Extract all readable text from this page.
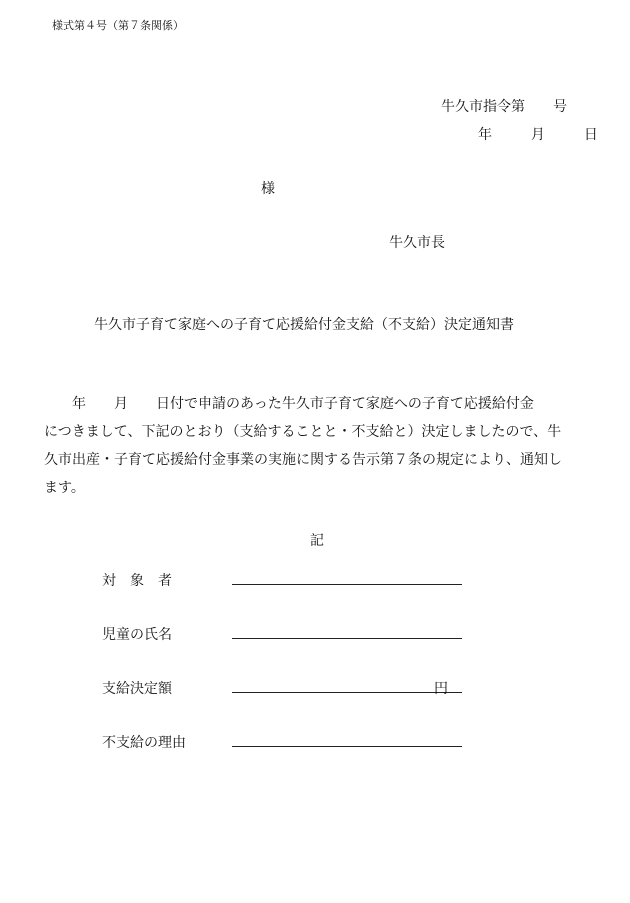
様式第４号（第７条関係）
牛久市指令第　　号
年	月	日
様
牛久市長
牛久市子育て家庭への子育て応援給付金支給（不支給）決定通知書
　　年　　月　　日付で申請のあった牛久市子育て家庭への子育て応援給付金
につきまして、下記のとおり（支給することと・不支給と）決定しましたので、牛
久市出産・子育て応援給付金事業の実施に関する告示第７条の規定により、通知し
ます。
記
対　象　者
児童の氏名
支給決定額	円
不支給の理由
